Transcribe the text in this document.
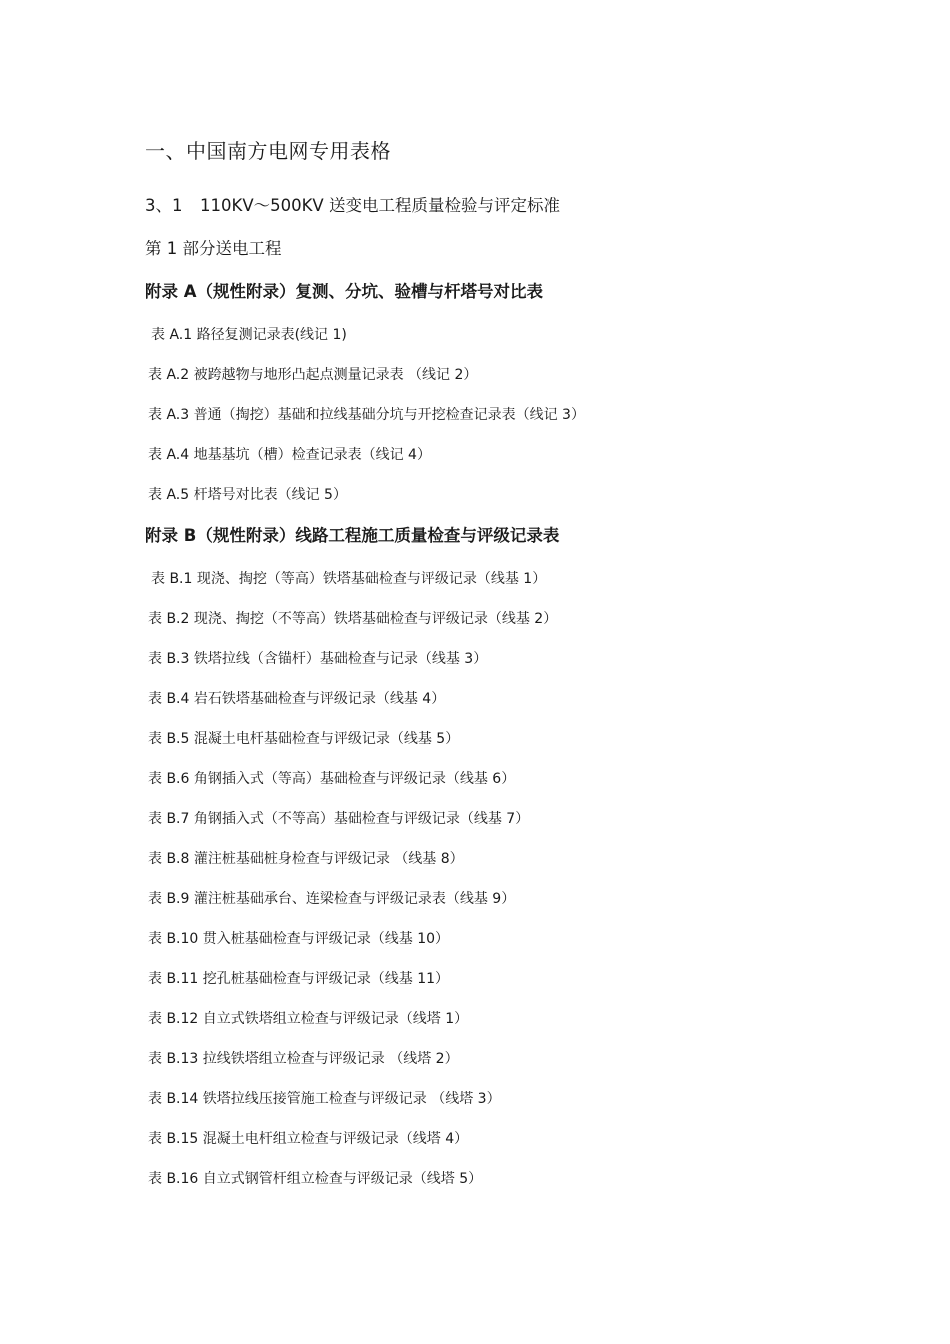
一、中国南方电网专用表格
3、1 110KV～500KV 送变电工程质量检验与评定标准
第 1 部分送电工程
附录 A（规性附录）复测、分坑、验槽与杆塔号对比表
表 A.1 路径复测记录表(线记 1)
表 A.2 被跨越物与地形凸起点测量记录表 （线记 2）
表 A.3 普通（掏挖）基础和拉线基础分坑与开挖检查记录表（线记 3）
表 A.4 地基基坑（槽）检查记录表（线记 4）
表 A.5 杆塔号对比表（线记 5）
附录 B（规性附录）线路工程施工质量检查与评级记录表
表 B.1 现浇、掏挖（等高）铁塔基础检查与评级记录（线基 1）
表 B.2 现浇、掏挖（不等高）铁塔基础检查与评级记录（线基 2）
表 B.3 铁塔拉线（含锚杆）基础检查与记录（线基 3）
表 B.4 岩石铁塔基础检查与评级记录（线基 4）
表 B.5 混凝土电杆基础检查与评级记录（线基 5）
表 B.6 角钢插入式（等高）基础检查与评级记录（线基 6）
表 B.7 角钢插入式（不等高）基础检查与评级记录（线基 7）
表 B.8 灌注桩基础桩身检查与评级记录 （线基 8）
表 B.9 灌注桩基础承台、连梁检查与评级记录表（线基 9）
表 B.10 贯入桩基础检查与评级记录（线基 10）
表 B.11 挖孔桩基础检查与评级记录（线基 11）
表 B.12 自立式铁塔组立检查与评级记录（线塔 1）
表 B.13 拉线铁塔组立检查与评级记录 （线塔 2）
表 B.14 铁塔拉线压接管施工检查与评级记录 （线塔 3）
表 B.15 混凝土电杆组立检查与评级记录（线塔 4）
表 B.16 自立式钢管杆组立检查与评级记录（线塔 5）
